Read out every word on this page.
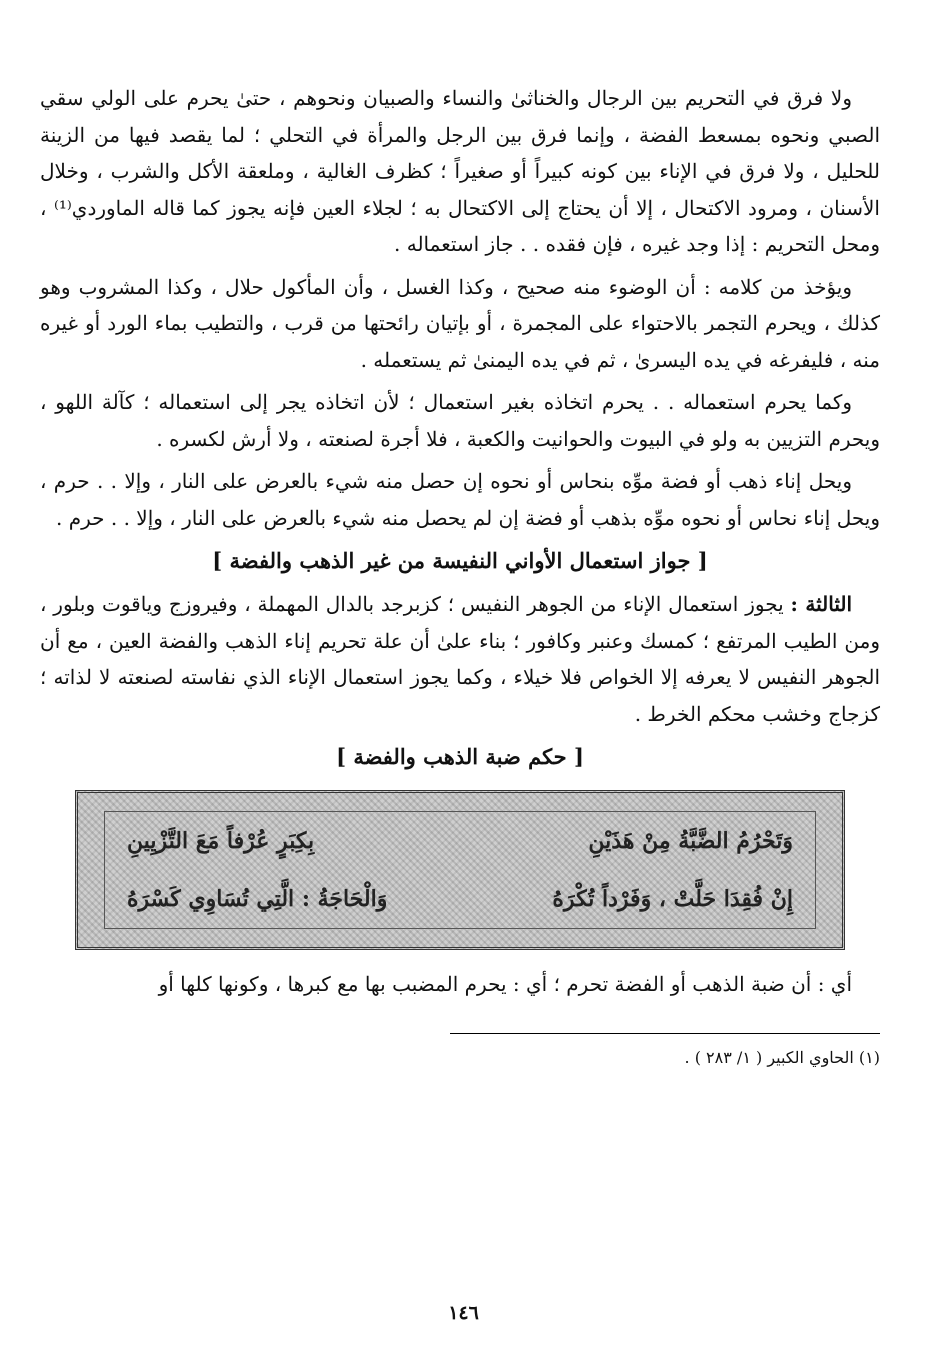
ولا فرق في التحريم بين الرجال والخناثىٰ والنساء والصبيان ونحوهم ، حتىٰ يحرم على الولي سقي الصبي ونحوه بمسعط الفضة ، وإنما فرق بين الرجل والمرأة في التحلي ؛ لما يقصد فيها من الزينة للحليل ، ولا فرق في الإناء بين كونه كبيراً أو صغيراً ؛ كظرف الغالية ، وملعقة الأكل والشرب ، وخلال الأسنان ، ومرود الاكتحال ، إلا أن يحتاج إلى الاكتحال به ؛ لجلاء العين فإنه يجوز كما قاله الماوردي⁽¹⁾ ، ومحل التحريم : إذا وجد غيره ، فإن فقده . . جاز استعماله .

ويؤخذ من كلامه : أن الوضوء منه صحيح ، وكذا الغسل ، وأن المأكول حلال ، وكذا المشروب وهو كذلك ، ويحرم التجمر بالاحتواء على المجمرة ، أو بإتيان رائحتها من قرب ، والتطيب بماء الورد أو غيره منه ، فليفرغه في يده اليسرىٰ ، ثم في يده اليمنىٰ ثم يستعمله .

وكما يحرم استعماله . . يحرم اتخاذه بغير استعمال ؛ لأن اتخاذه يجر إلى استعماله ؛ كآلة اللهو ، ويحرم التزيين به ولو في البيوت والحوانيت والكعبة ، فلا أجرة لصنعته ، ولا أرش لكسره .

ويحل إناء ذهب أو فضة موِّه بنحاس أو نحوه إن حصل منه شيء بالعرض على النار ، وإلا . . حرم ، ويحل إناء نحاس أو نحوه موِّه بذهب أو فضة إن لم يحصل منه شيء بالعرض على النار ، وإلا . . حرم .

[ جواز استعمال الأواني النفيسة من غير الذهب والفضة ]

الثالثة : يجوز استعمال الإناء من الجوهر النفيس ؛ كزبرجد بالدال المهملة ، وفيروزج وياقوت وبلور ، ومن الطيب المرتفع ؛ كمسك وعنبر وكافور ؛ بناء علىٰ أن علة تحريم إناء الذهب والفضة العين ، مع أن الجوهر النفيس لا يعرفه إلا الخواص فلا خيلاء ، وكما يجوز استعمال الإناء الذي نفاسته لصنعته لا لذاته ؛ كزجاج وخشب محكم الخرط .

[ حكم ضبة الذهب والفضة ]
وَتَحْرُمُ الضَّبَّةُ مِنْ هَذَيْنِ
بِكِبَرٍ عُرْفاً مَعَ التَّزْيِينِ
إِنْ فُقِدَا حَلَّتْ ، وَفَرْداً تُكْرَهُ
وَالْحَاجَةُ : الَّتِي تُسَاوِي كَسْرَهُ

أي : أن ضبة الذهب أو الفضة تحرم ؛ أي : يحرم المضبب بها مع كبرها ، وكونها كلها أو

(١) الحاوي الكبير ( ١/ ٢٨٣ ) .
١٤٦
